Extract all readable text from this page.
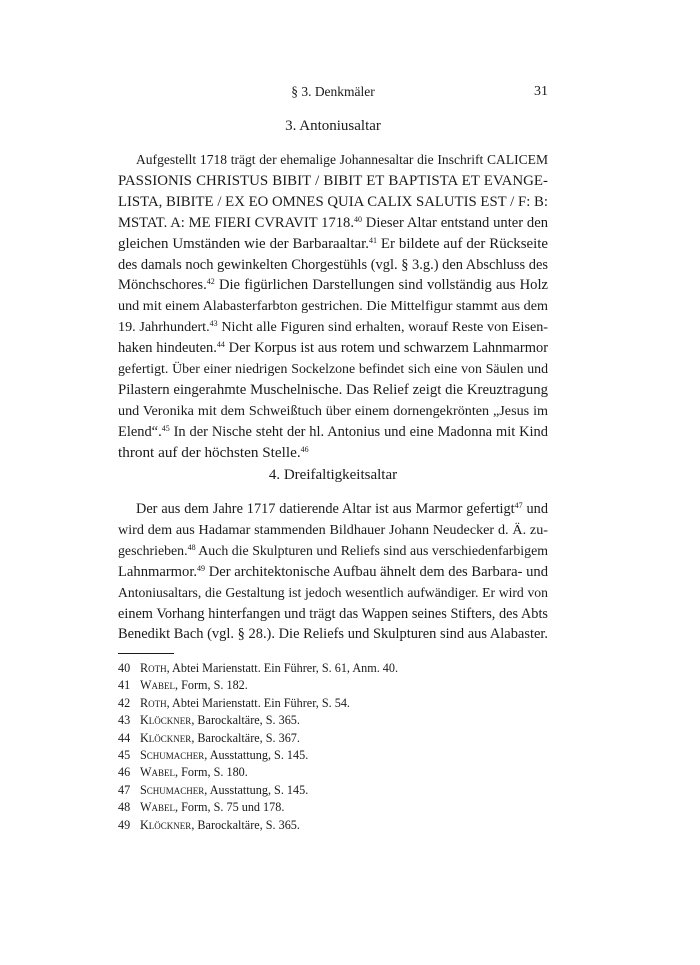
§ 3. Denkmäler	31
3. Antoniusaltar

Aufgestellt 1718 trägt der ehemalige Johannesaltar die Inschrift CALICEM
PASSIONIS CHRISTUS BIBIT / BIBIT ET BAPTISTA ET EVANGE-
LISTA, BIBITE / EX EO OMNES QUIA CALIX SALUTIS EST / F: B:
MSTAT. A: ME FIERI CVRAVIT 1718.40 Dieser Altar entstand unter den
gleichen Umständen wie der Barbaraaltar.$^{41}$ Er bildete auf der Rückseite
des damals noch gewinkelten Chorgestühls (vgl. § 3.g.) den Abschluss des
Mönchschores.$^{42}$ Die figürlichen Darstellungen sind vollständig aus Holz
und mit einem Alabasterfarbton gestrichen. Die Mittelfigur stammt aus dem
19. Jahrhundert.$^{43}$ Nicht alle Figuren sind erhalten, worauf Reste von Eisen-
haken hindeuten.$^{44}$ Der Korpus ist aus rotem und schwarzem Lahnmarmor
gefertigt. Über einer niedrigen Sockelzone befindet sich eine von Säulen und
Pilastern eingerahmte Muschelnische. Das Relief zeigt die Kreuztragung
und Veronika mit dem Schweißtuch über einem dornengekrönten „Jesus im
Elend“.$^{45}$ In der Nische steht der hl. Antonius und eine Madonna mit Kind
thront auf der höchsten Stelle.$^{46}$

4. Dreifaltigkeitsaltar

Der aus dem Jahre 1717 datierende Altar ist aus Marmor gefertigt$^{47}$ und
wird dem aus Hadamar stammenden Bildhauer Johann Neudecker d. Ä. zu-
geschrieben.$^{48}$ Auch die Skulpturen und Reliefs sind aus verschiedenfarbigem
Lahnmarmor.$^{49}$ Der architektonische Aufbau ähnelt dem des Barbara- und
Antoniusaltars, die Gestaltung ist jedoch wesentlich aufwändiger. Er wird von
einem Vorhang hinterfangen und trägt das Wappen seines Stifters, des Abts
Benedikt Bach (vgl. § 28.). Die Reliefs und Skulpturen sind aus Alabaster.

40 Roth, Abtei Marienstatt. Ein Führer, S. 61, Anm. 40.
41 Wabel, Form, S. 182.
42 Roth, Abtei Marienstatt. Ein Führer, S. 54.
43 Klöckner, Barockaltäre, S. 365.
44 Klöckner, Barockaltäre, S. 367.
45 Schumacher, Ausstattung, S. 145.
46 Wabel, Form, S. 180.
47 Schumacher, Ausstattung, S. 145.
48 Wabel, Form, S. 75 und 178.
49 Klöckner, Barockaltäre, S. 365.
